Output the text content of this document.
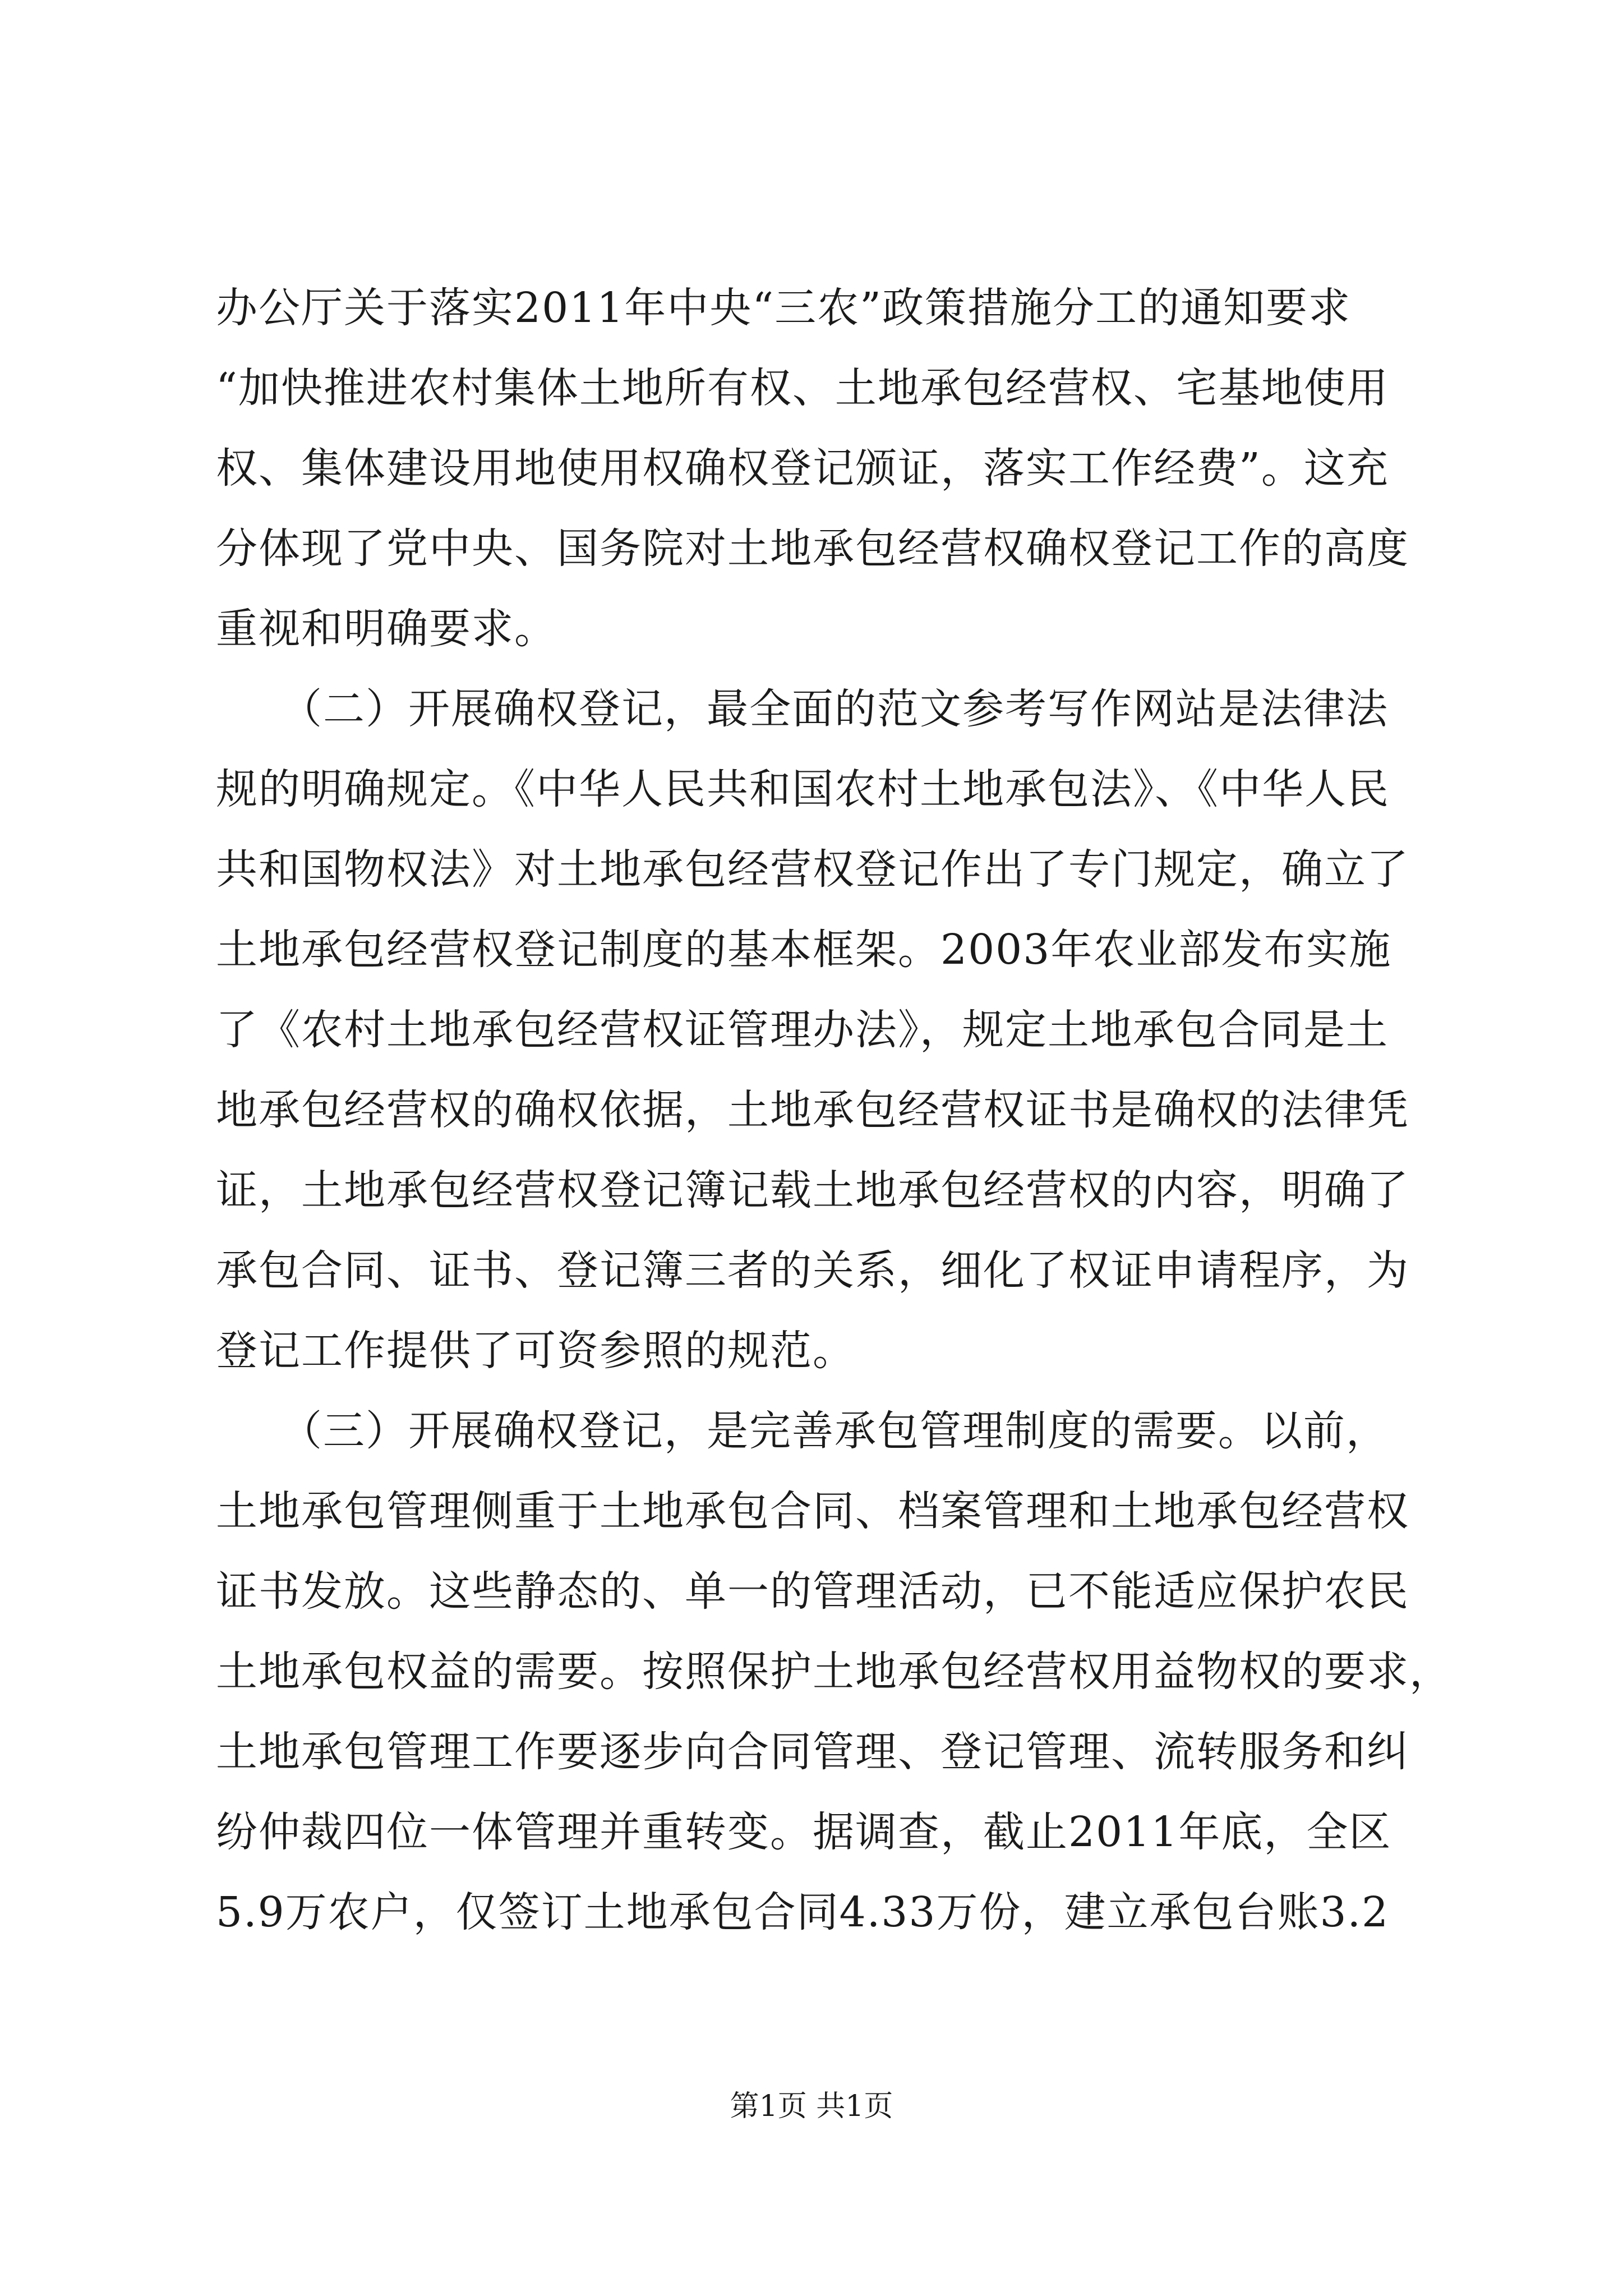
办公厅关于落实2011年中央“三农”政策措施分工的通知要求
“加快推进农村集体土地所有权、土地承包经营权、宅基地使用
权、集体建设用地使用权确权登记颁证，落实工作经费”。这充
分体现了党中央、国务院对土地承包经营权确权登记工作的高度
重视和明确要求。
　　（二）开展确权登记，最全面的范文参考写作网站是法律法
规的明确规定。《中华人民共和国农村土地承包法》、《中华人民
共和国物权法》对土地承包经营权登记作出了专门规定，确立了
土地承包经营权登记制度的基本框架。2003年农业部发布实施
了《农村土地承包经营权证管理办法》，规定土地承包合同是土
地承包经营权的确权依据，土地承包经营权证书是确权的法律凭
证，土地承包经营权登记簿记载土地承包经营权的内容，明确了
承包合同、证书、登记簿三者的关系，细化了权证申请程序，为
登记工作提供了可资参照的规范。
　　（三）开展确权登记，是完善承包管理制度的需要。以前，
土地承包管理侧重于土地承包合同、档案管理和土地承包经营权
证书发放。这些静态的、单一的管理活动，已不能适应保护农民
土地承包权益的需要。按照保护土地承包经营权用益物权的要求，
土地承包管理工作要逐步向合同管理、登记管理、流转服务和纠
纷仲裁四位一体管理并重转变。据调查，截止2011年底，全区
5.9万农户，仅签订土地承包合同4.33万份，建立承包台账3.2
第1页 共1页
